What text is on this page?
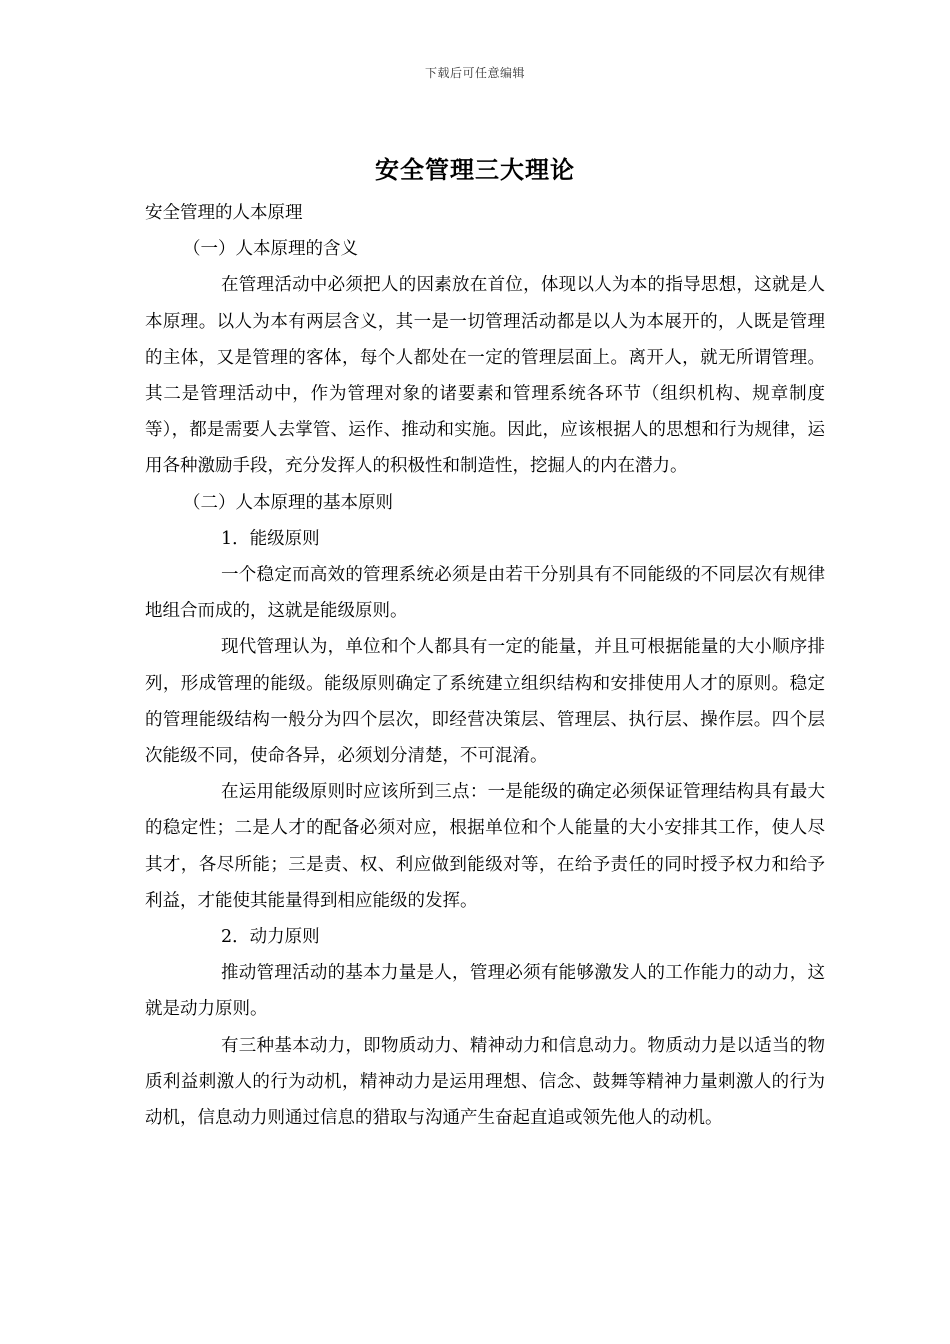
下载后可任意编辑
安全管理三大理论

安全管理的人本原理

（一）人本原理的含义

在管理活动中必须把人的因素放在首位，体现以人为本的指导思想，这就是人本原理。以人为本有两层含义，其一是一切管理活动都是以人为本展开的，人既是管理的主体，又是管理的客体，每个人都处在一定的管理层面上。离开人，就无所谓管理。其二是管理活动中，作为管理对象的诸要素和管理系统各环节（组织机构、规章制度等），都是需要人去掌管、运作、推动和实施。因此，应该根据人的思想和行为规律，运用各种激励手段，充分发挥人的积极性和制造性，挖掘人的内在潜力。

（二）人本原理的基本原则

1．能级原则

一个稳定而高效的管理系统必须是由若干分别具有不同能级的不同层次有规律地组合而成的，这就是能级原则。

现代管理认为，单位和个人都具有一定的能量，并且可根据能量的大小顺序排列，形成管理的能级。能级原则确定了系统建立组织结构和安排使用人才的原则。稳定的管理能级结构一般分为四个层次，即经营决策层、管理层、执行层、操作层。四个层次能级不同，使命各异，必须划分清楚，不可混淆。

在运用能级原则时应该所到三点：一是能级的确定必须保证管理结构具有最大的稳定性；二是人才的配备必须对应，根据单位和个人能量的大小安排其工作，使人尽其才，各尽所能；三是责、权、利应做到能级对等，在给予责任的同时授予权力和给予利益，才能使其能量得到相应能级的发挥。

2．动力原则

推动管理活动的基本力量是人，管理必须有能够激发人的工作能力的动力，这就是动力原则。

有三种基本动力，即物质动力、精神动力和信息动力。物质动力是以适当的物质利益刺激人的行为动机，精神动力是运用理想、信念、鼓舞等精神力量刺激人的行为动机，信息动力则通过信息的猎取与沟通产生奋起直追或领先他人的动机。
